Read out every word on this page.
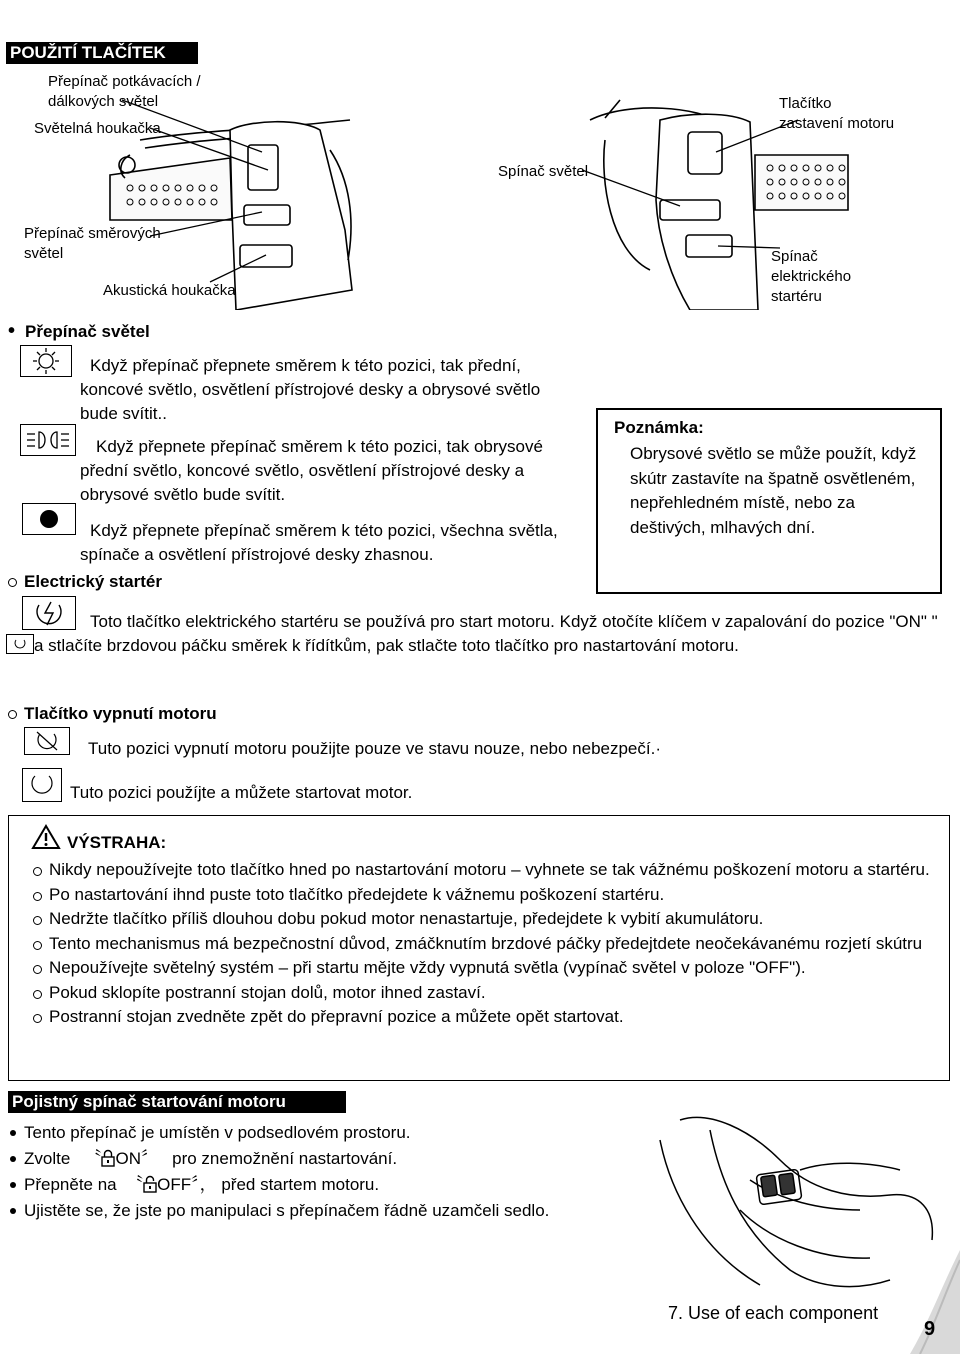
POUŽITÍ TLAČÍTEK
Přepínač potkávacích /
dálkových světel
Světelná houkačka
Spínač světel
Tlačítko
zastavení motoru
Přepínač směrových
světel
Akustická houkačka
Spínač
elektrického
startéru
• Přepínač světel
Když přepínač přepnete směrem k této pozici, tak přední, koncové světlo, osvětlení přístrojové desky a obrysové světlo bude svítit..
Když přepnete přepínač směrem k této pozici, tak obrysové přední světlo, koncové světlo, osvětlení přístrojové desky a obrysové světlo bude svítit.
Když přepnete přepínač směrem k této pozici, všechna světla, spínače a osvětlení přístrojové desky zhasnou.
Poznámka:
Obrysové světlo se může použít, když skútr zastavíte na špatně osvětleném, nepřehledném místě, nebo za deštivých, mlhavých dní.
Electrický startér
Toto tlačítko elektrického startéru se používá pro start motoru. Když otočíte klíčem v zapalování do pozice "ON" "
a stlačíte brzdovou páčku směrek k řídítkům, pak stlačte toto tlačítko pro nastartování motoru.
Tlačítko vypnutí motoru
Tuto pozici vypnutí motoru použijte pouze ve stavu nouze, nebo nebezpečí.·
Tuto pozici použíjte a můžete startovat motor.
VÝSTRAHA:
Nikdy nepoužívejte toto tlačítko hned po nastartování motoru – vyhnete se tak vážnému poškození motoru a startéru.
Po nastartování ihnd puste toto tlačítko předejdete k vážnemu poškození startéru.
Nedržte tlačítko příliš dlouhou dobu pokud motor nenastartuje, předejdete k vybití akumulátoru.
Tento mechanismus má bezpečnostní důvod, zmáčknutím brzdové páčky předejtdete neočekávanému rozjetí skútru
Nepoužívejte světelný systém – při startu mějte vždy vypnutá světla (vypínač světel v poloze "OFF").
Pokud sklopíte postranní stojan dolů, motor ihned zastaví.
Postranní stojan zvedněte zpět do přepravní pozice a můžete opět startovat.
Pojistný spínač startování motoru
Tento přepínač je umístěn v podsedlovém prostoru.
Zvolte   〝 ON〞   pro znemožnění nastartování.
Přepněte na  〝 OFF〞， před startem motoru.
Ujistěte se, že jste po manipulaci s přepínačem řádně uzamčeli sedlo.
7. Use of each component
9
